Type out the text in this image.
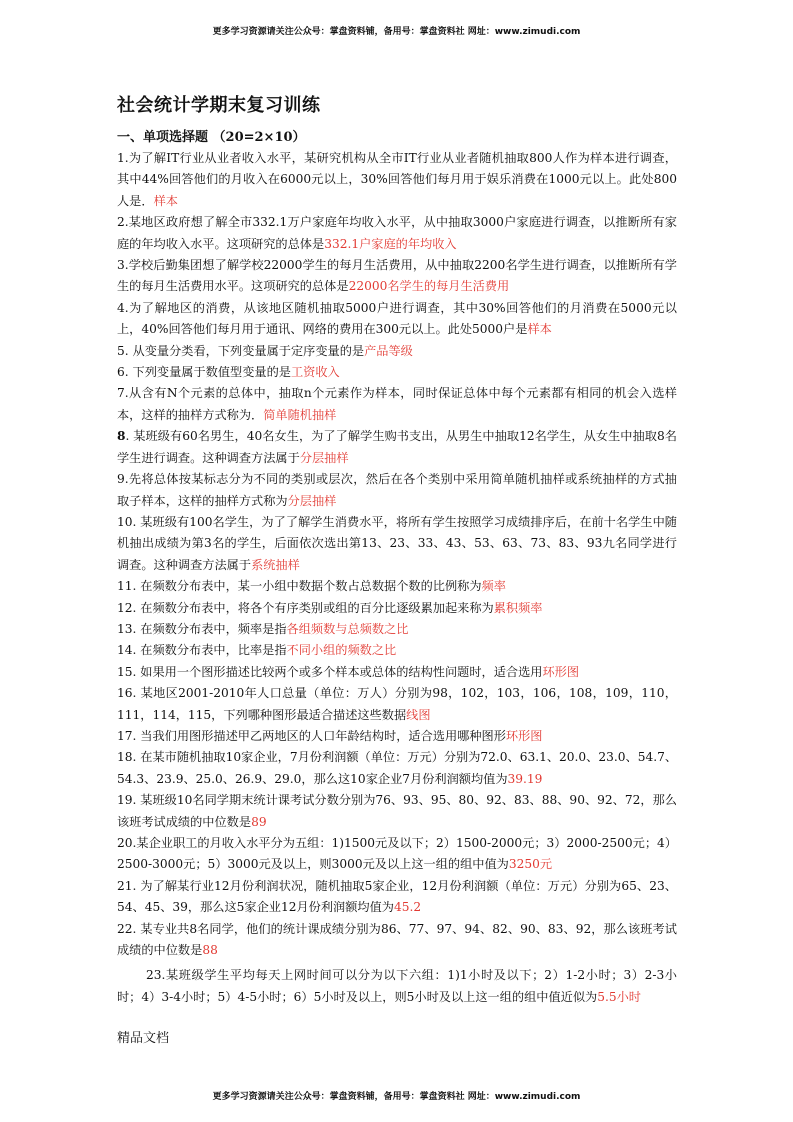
更多学习资源请关注公众号：掌盘资料铺，备用号：掌盘资料社 网址：www.zimudi.com
社会统计学期末复习训练
一、单项选择题 （20=2×10）

1.为了解IT行业从业者收入水平，某研究机构从全市IT行业从业者随机抽取800人作为样本进行调查，其中44%回答他们的月收入在6000元以上，30%回答他们每月用于娱乐消费在1000元以上。此处800人是．样本

2.某地区政府想了解全市332.1万户家庭年均收入水平，从中抽取3000户家庭进行调查，以推断所有家庭的年均收入水平。这项研究的总体是332.1户家庭的年均收入

3.学校后勤集团想了解学校22000学生的每月生活费用，从中抽取2200名学生进行调查，以推断所有学生的每月生活费用水平。这项研究的总体是22000名学生的每月生活费用

4.为了解地区的消费，从该地区随机抽取5000户进行调查，其中30%回答他们的月消费在5000元以上，40%回答他们每月用于通讯、网络的费用在300元以上。此处5000户是样本

5. 从变量分类看，下列变量属于定序变量的是产品等级

6. 下列变量属于数值型变量的是工资收入

7.从含有N个元素的总体中，抽取n个元素作为样本，同时保证总体中每个元素都有相同的机会入选样本，这样的抽样方式称为．简单随机抽样

8. 某班级有60名男生，40名女生，为了了解学生购书支出，从男生中抽取12名学生，从女生中抽取8名学生进行调查。这种调查方法属于分层抽样

9.先将总体按某标志分为不同的类别或层次，然后在各个类别中采用简单随机抽样或系统抽样的方式抽取子样本，这样的抽样方式称为分层抽样

10. 某班级有100名学生，为了了解学生消费水平，将所有学生按照学习成绩排序后，在前十名学生中随机抽出成绩为第3名的学生，后面依次选出第13、23、33、43、53、63、73、83、93九名同学进行调查。这种调查方法属于系统抽样

11. 在频数分布表中，某一小组中数据个数占总数据个数的比例称为频率

12. 在频数分布表中，将各个有序类别或组的百分比逐级累加起来称为累积频率

13. 在频数分布表中，频率是指各组频数与总频数之比

14. 在频数分布表中，比率是指不同小组的频数之比

15. 如果用一个图形描述比较两个或多个样本或总体的结构性问题时，适合选用环形图

16. 某地区2001-2010年人口总量（单位：万人）分别为98，102，103，106，108，109，110，111，114，115，下列哪种图形最适合描述这些数据线图

17. 当我们用图形描述甲乙两地区的人口年龄结构时，适合选用哪种图形环形图

18. 在某市随机抽取10家企业，7月份利润额（单位：万元）分别为72.0、63.1、20.0、23.0、54.7、54.3、23.9、25.0、26.9、29.0，那么这10家企业7月份利润额均值为39.19

19. 某班级10名同学期末统计课考试分数分别为76、93、95、80、92、83、88、90、92、72，那么该班考试成绩的中位数是89

20.某企业职工的月收入水平分为五组：1)1500元及以下；2）1500-2000元；3）2000-2500元；4）2500-3000元；5）3000元及以上，则3000元及以上这一组的组中值为3250元

21. 为了解某行业12月份利润状况，随机抽取5家企业，12月份利润额（单位：万元）分别为65、23、54、45、39，那么这5家企业12月份利润额均值为45.2

22. 某专业共8名同学，他们的统计课成绩分别为86、77、97、94、82、90、83、92，那么该班考试成绩的中位数是88

23.某班级学生平均每天上网时间可以分为以下六组：1)1小时及以下；2）1-2小时；3）2-3小时；4）3-4小时；5）4-5小时；6）5小时及以上，则5小时及以上这一组的组中值近似为5.5小时

精品文档
更多学习资源请关注公众号：掌盘资料铺，备用号：掌盘资料社 网址：www.zimudi.com
